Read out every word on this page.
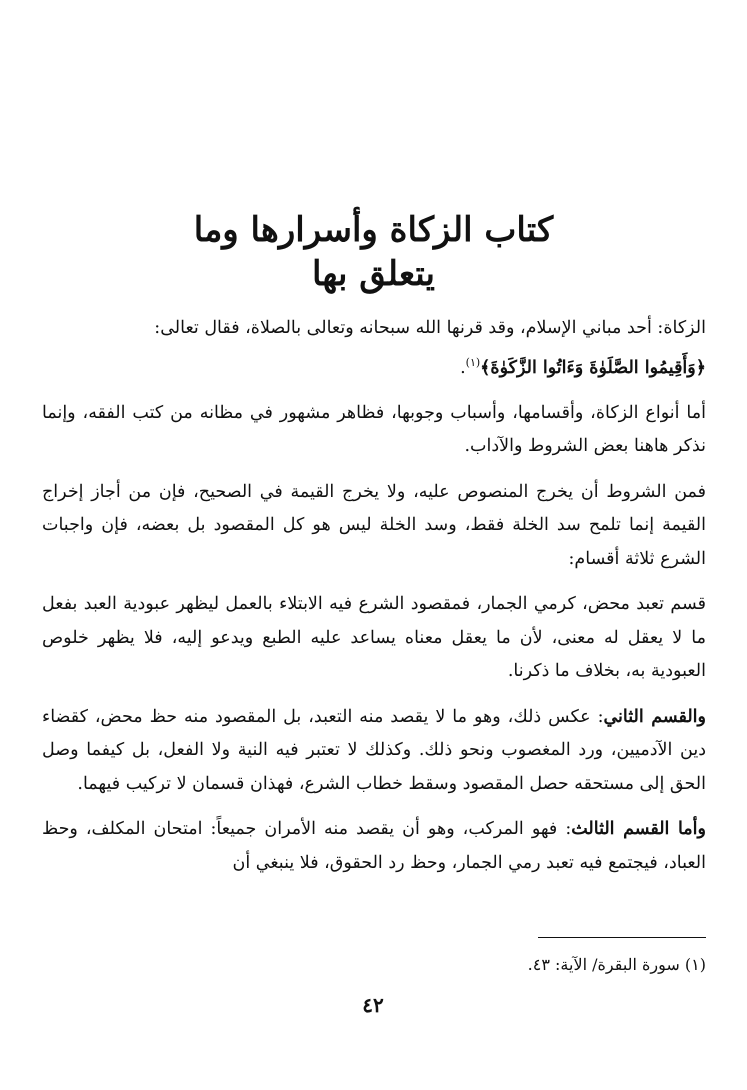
كتاب الزكاة وأسرارها وما يتعلق بها

الزكاة: أحد مباني الإسلام، وقد قرنها الله سبحانه وتعالى بالصلاة، فقال تعالى:
﴿وَأَقِيمُوا الصَّلَوٰةَ وَءَاتُوا الزَّكَوٰةَ﴾$^{(١)}$.

أما أنواع الزكاة، وأقسامها، وأسباب وجوبها، فظاهر مشهور في مظانه من كتب الفقه، وإنما نذكر هاهنا بعض الشروط والآداب.

فمن الشروط أن يخرج المنصوص عليه، ولا يخرج القيمة في الصحيح، فإن من أجاز إخراج القيمة إنما تلمح سد الخلة فقط، وسد الخلة ليس هو كل المقصود بل بعضه، فإن واجبات الشرع ثلاثة أقسام:

قسم تعبد محض، كرمي الجمار، فمقصود الشرع فيه الابتلاء بالعمل ليظهر عبودية العبد بفعل ما لا يعقل له معنى، لأن ما يعقل معناه يساعد عليه الطبع ويدعو إليه، فلا يظهر خلوص العبودية به، بخلاف ما ذكرنا.

والقسم الثاني: عكس ذلك، وهو ما لا يقصد منه التعبد، بل المقصود منه حظ محض، كقضاء دين الآدميين، ورد المغصوب ونحو ذلك. وكذلك لا تعتبر فيه النية ولا الفعل، بل كيفما وصل الحق إلى مستحقه حصل المقصود وسقط خطاب الشرع، فهذان قسمان لا تركيب فيهما.

وأما القسم الثالث: فهو المركب، وهو أن يقصد منه الأمران جميعاً: امتحان المكلف، وحظ العباد، فيجتمع فيه تعبد رمي الجمار، وحظ رد الحقوق، فلا ينبغي أن

(١) سورة البقرة/ الآية: ٤٣.
٤٢
